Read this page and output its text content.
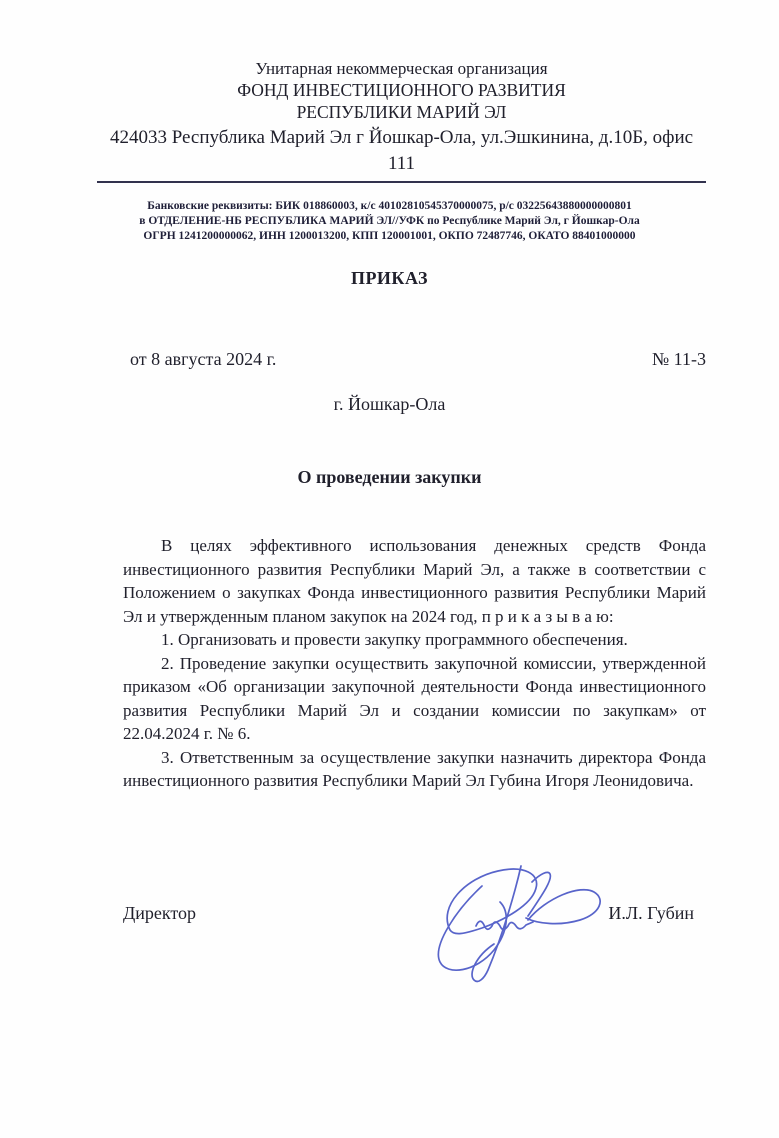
Унитарная некоммерческая организация
ФОНД ИНВЕСТИЦИОННОГО РАЗВИТИЯ
РЕСПУБЛИКИ МАРИЙ ЭЛ
424033 Республика Марий Эл г Йошкар-Ола, ул.Эшкинина, д.10Б, офис 111
Банковские реквизиты: БИК 018860003, к/с 40102810545370000075, р/с 03225643880000000801
в ОТДЕЛЕНИЕ-НБ РЕСПУБЛИКА МАРИЙ ЭЛ//УФК по Республике Марий Эл, г Йошкар-Ола
ОГРН 1241200000062, ИНН 1200013200, КПП 120001001, ОКПО 72487746, ОКАТО 88401000000
ПРИКАЗ
от 8 августа 2024 г.	№ 11-3
г. Йошкар-Ола
О проведении закупки

В целях эффективного использования денежных средств Фонда инвестиционного развития Республики Марий Эл, а также в соответствии с Положением о закупках Фонда инвестиционного развития Республики Марий Эл и утвержденным планом закупок на 2024 год, п р и к а з ы в а ю:

1. Организовать и провести закупку программного обеспечения.

2. Проведение закупки осуществить закупочной комиссии, утвержденной приказом «Об организации закупочной деятельности Фонда инвестиционного развития Республики Марий Эл и создании комиссии по закупкам» от 22.04.2024 г. № 6.

3. Ответственным за осуществление закупки назначить директора Фонда инвестиционного развития Республики Марий Эл Губина Игоря Леонидовича.

Директор	И.Л. Губин
